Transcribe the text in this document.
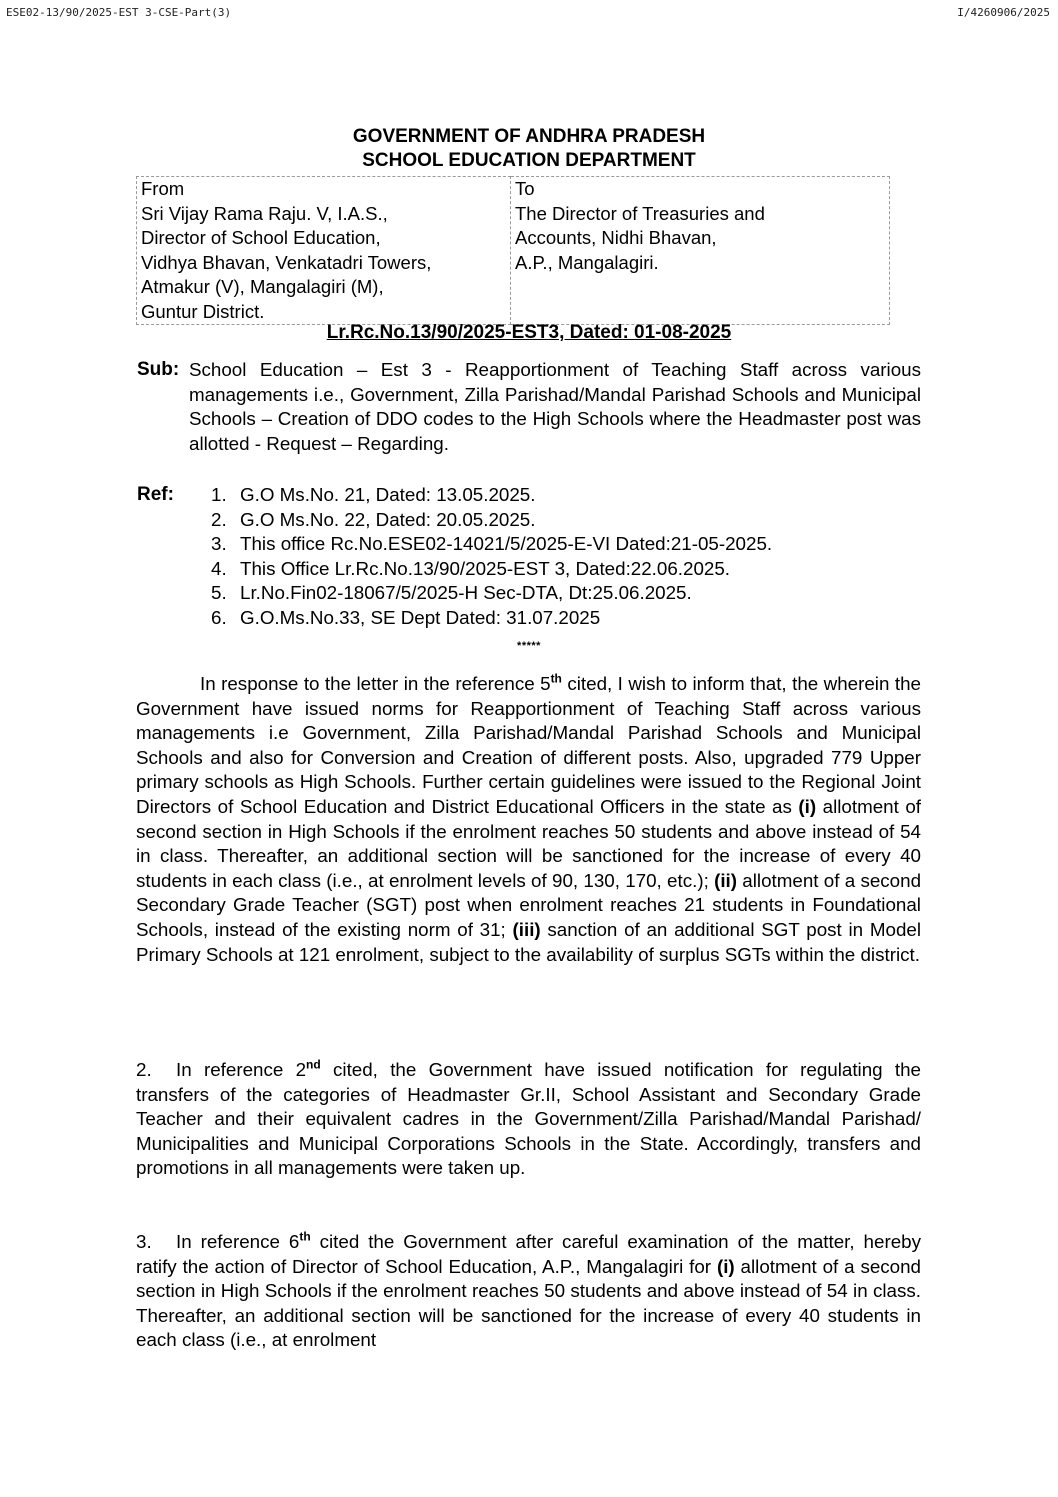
ESE02-13/90/2025-EST 3-CSE-Part(3)	I/4260906/2025
GOVERNMENT OF ANDHRA PRADESH
SCHOOL EDUCATION DEPARTMENT
From
Sri Vijay Rama Raju. V, I.A.S.,
Director of School Education,
Vidhya Bhavan, Venkatadri Towers,
Atmakur (V), Mangalagiri (M),
Guntur District.

To
The Director of Treasuries and
Accounts, Nidhi Bhavan,
A.P., Mangalagiri.
Lr.Rc.No.13/90/2025-EST3, Dated: 01-08-2025
Sub: School Education – Est 3 - Reapportionment of Teaching Staff across various managements i.e., Government, Zilla Parishad/Mandal Parishad Schools and Municipal Schools – Creation of DDO codes to the High Schools where the Headmaster post was allotted - Request – Regarding.
Ref: 1. G.O Ms.No. 21, Dated: 13.05.2025.
2. G.O Ms.No. 22, Dated: 20.05.2025.
3. This office Rc.No.ESE02-14021/5/2025-E-VI Dated:21-05-2025.
4. This Office Lr.Rc.No.13/90/2025-EST 3, Dated:22.06.2025.
5. Lr.No.Fin02-18067/5/2025-H Sec-DTA, Dt:25.06.2025.
6. G.O.Ms.No.33, SE Dept Dated: 31.07.2025
*****
In response to the letter in the reference 5th cited, I wish to inform that, the wherein the Government have issued norms for Reapportionment of Teaching Staff across various managements i.e Government, Zilla Parishad/Mandal Parishad Schools and Municipal Schools and also for Conversion and Creation of different posts. Also, upgraded 779 Upper primary schools as High Schools. Further certain guidelines were issued to the Regional Joint Directors of School Education and District Educational Officers in the state as (i) allotment of second section in High Schools if the enrolment reaches 50 students and above instead of 54 in class. Thereafter, an additional section will be sanctioned for the increase of every 40 students in each class (i.e., at enrolment levels of 90, 130, 170, etc.); (ii) allotment of a second Secondary Grade Teacher (SGT) post when enrolment reaches 21 students in Foundational Schools, instead of the existing norm of 31; (iii) sanction of an additional SGT post in Model Primary Schools at 121 enrolment, subject to the availability of surplus SGTs within the district.
2. In reference 2nd cited, the Government have issued notification for regulating the transfers of the categories of Headmaster Gr.II, School Assistant and Secondary Grade Teacher and their equivalent cadres in the Government/Zilla Parishad/Mandal Parishad/ Municipalities and Municipal Corporations Schools in the State. Accordingly, transfers and promotions in all managements were taken up.
3. In reference 6th cited the Government after careful examination of the matter, hereby ratify the action of Director of School Education, A.P., Mangalagiri for (i) allotment of a second section in High Schools if the enrolment reaches 50 students and above instead of 54 in class. Thereafter, an additional section will be sanctioned for the increase of every 40 students in each class (i.e., at enrolment
